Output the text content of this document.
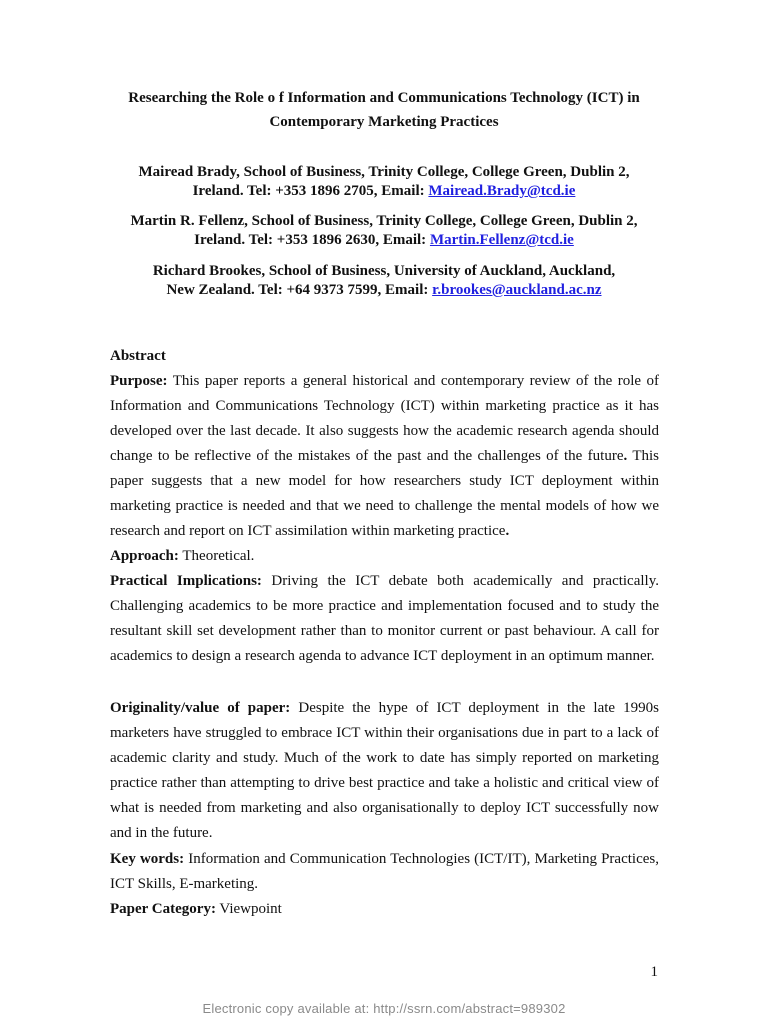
Researching the Role o f Information and Communications Technology (ICT) in
Contemporary Marketing Practices
Mairead Brady, School of Business, Trinity College, College Green, Dublin 2,
Ireland. Tel: +353 1896 2705, Email: Mairead.Brady@tcd.ie
Martin R. Fellenz, School of Business, Trinity College, College Green, Dublin 2,
Ireland. Tel: +353 1896 2630, Email: Martin.Fellenz@tcd.ie
Richard Brookes, School of Business, University of Auckland, Auckland,
New Zealand. Tel: +64 9373 7599, Email: r.brookes@auckland.ac.nz
Abstract

Purpose: This paper reports a general historical and contemporary review of the role of Information and Communications Technology (ICT) within marketing practice as it has developed over the last decade. It also suggests how the academic research agenda should change to be reflective of the mistakes of the past and the challenges of the future. This paper suggests that a new model for how researchers study ICT deployment within marketing practice is needed and that we need to challenge the mental models of how we research and report on ICT assimilation within marketing practice.

Approach: Theoretical.

Practical Implications: Driving the ICT debate both academically and practically. Challenging academics to be more practice and implementation focused and to study the resultant skill set development rather than to monitor current or past behaviour. A call for academics to design a research agenda to advance ICT deployment in an optimum manner.

Originality/value of paper: Despite the hype of ICT deployment in the late 1990s marketers have struggled to embrace ICT within their organisations due in part to a lack of academic clarity and study. Much of the work to date has simply reported on marketing practice rather than attempting to drive best practice and take a holistic and critical view of what is needed from marketing and also organisationally to deploy ICT successfully now and in the future.

Key words: Information and Communication Technologies (ICT/IT), Marketing Practices, ICT Skills, E-marketing.

Paper Category: Viewpoint

1
Electronic copy available at: http://ssrn.com/abstract=989302
